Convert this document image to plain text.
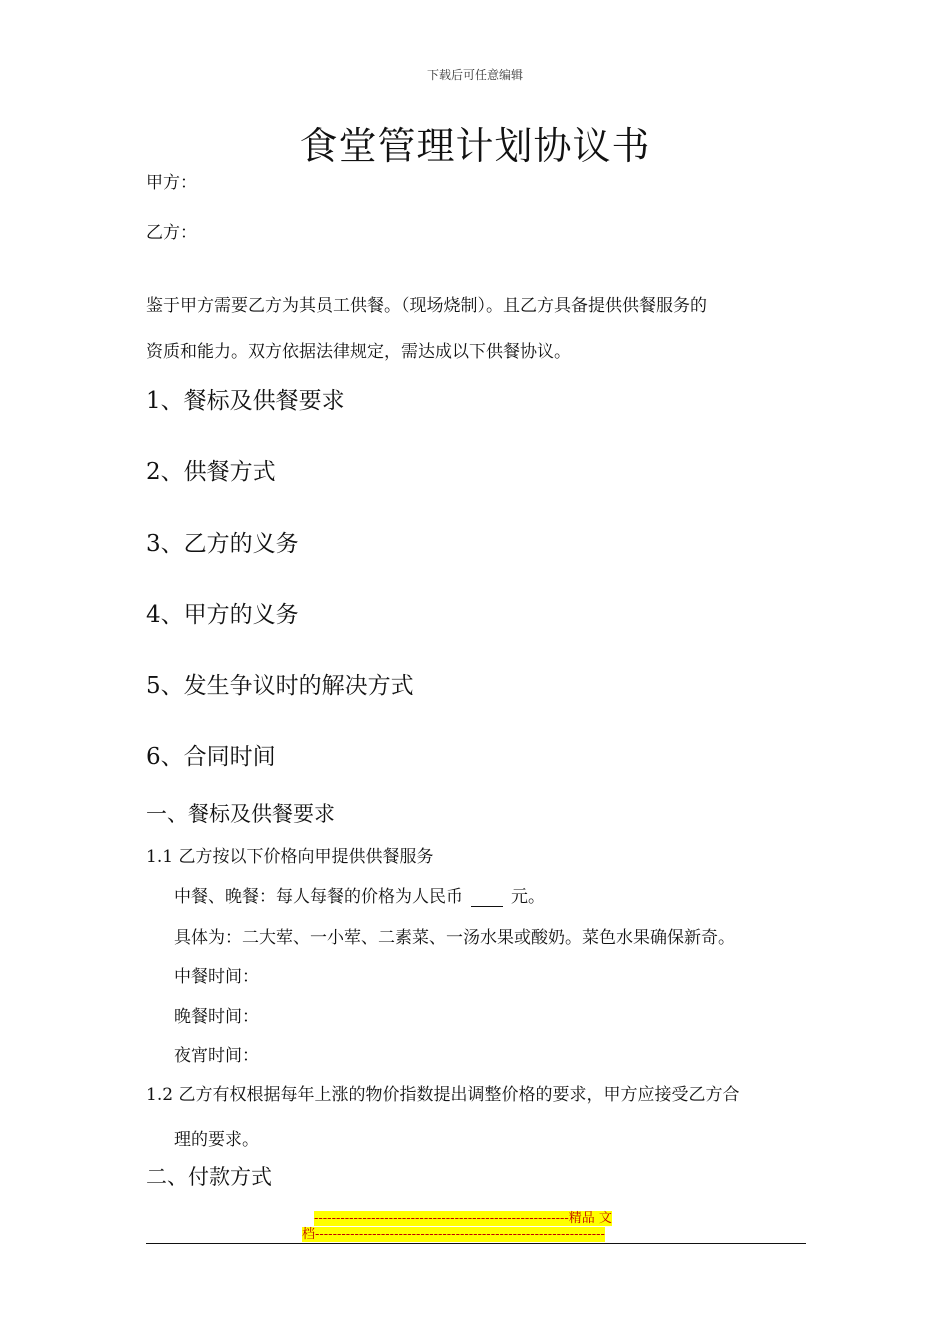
下载后可任意编辑
食堂管理计划协议书
甲方：
乙方：
鉴于甲方需要乙方为其员工供餐。（现场烧制）。且乙方具备提供供餐服务的
资质和能力。双方依据法律规定，需达成以下供餐协议。
1、餐标及供餐要求
2、供餐方式
3、乙方的义务
4、甲方的义务
5、发生争议时的解决方式
6、合同时间
一、餐标及供餐要求
1.1 乙方按以下价格向甲提供供餐服务
中餐、晚餐：每人每餐的价格为人民币	元。
具体为：二大荤、一小荤、二素菜、一汤水果或酸奶。菜色水果确保新奇。
中餐时间：
晚餐时间：
夜宵时间：
1.2 乙方有权根据每年上涨的物价指数提出调整价格的要求，甲方应接受乙方合
理的要求。
二、付款方式
----------------------------------------------------------精品 文
档------------------------------------------------------------------
